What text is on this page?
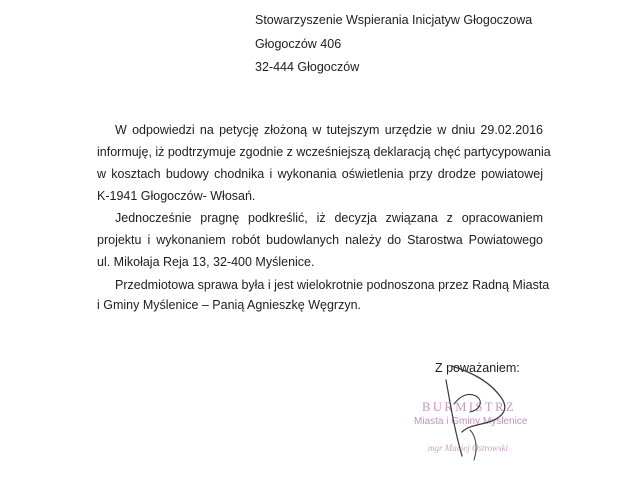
Stowarzyszenie Wspierania Inicjatyw Głogoczowa
Głogoczów 406
32-444 Głogoczów
W odpowiedzi na petycję złożoną w tutejszym urzędzie w dniu 29.02.2016
informuję, iż podtrzymuje zgodnie z wcześniejszą deklaracją chęć partycypowania
w kosztach budowy chodnika i wykonania oświetlenia przy drodze powiatowej
K-1941 Głogoczów- Włosań.
Jednocześnie pragnę podkreślić, iż decyzja związana z opracowaniem
projektu i wykonaniem robót budowlanych należy do Starostwa Powiatowego
ul. Mikołaja Reja 13, 32-400 Myślenice.
Przedmiotowa sprawa była i jest wielokrotnie podnoszona przez Radną Miasta
i Gminy Myślenice – Panią Agnieszkę Węgrzyn.
Z poważaniem:
BURMISTRZ
Miasta i Gminy Myślenice
mgr Maciej Ostrowski
